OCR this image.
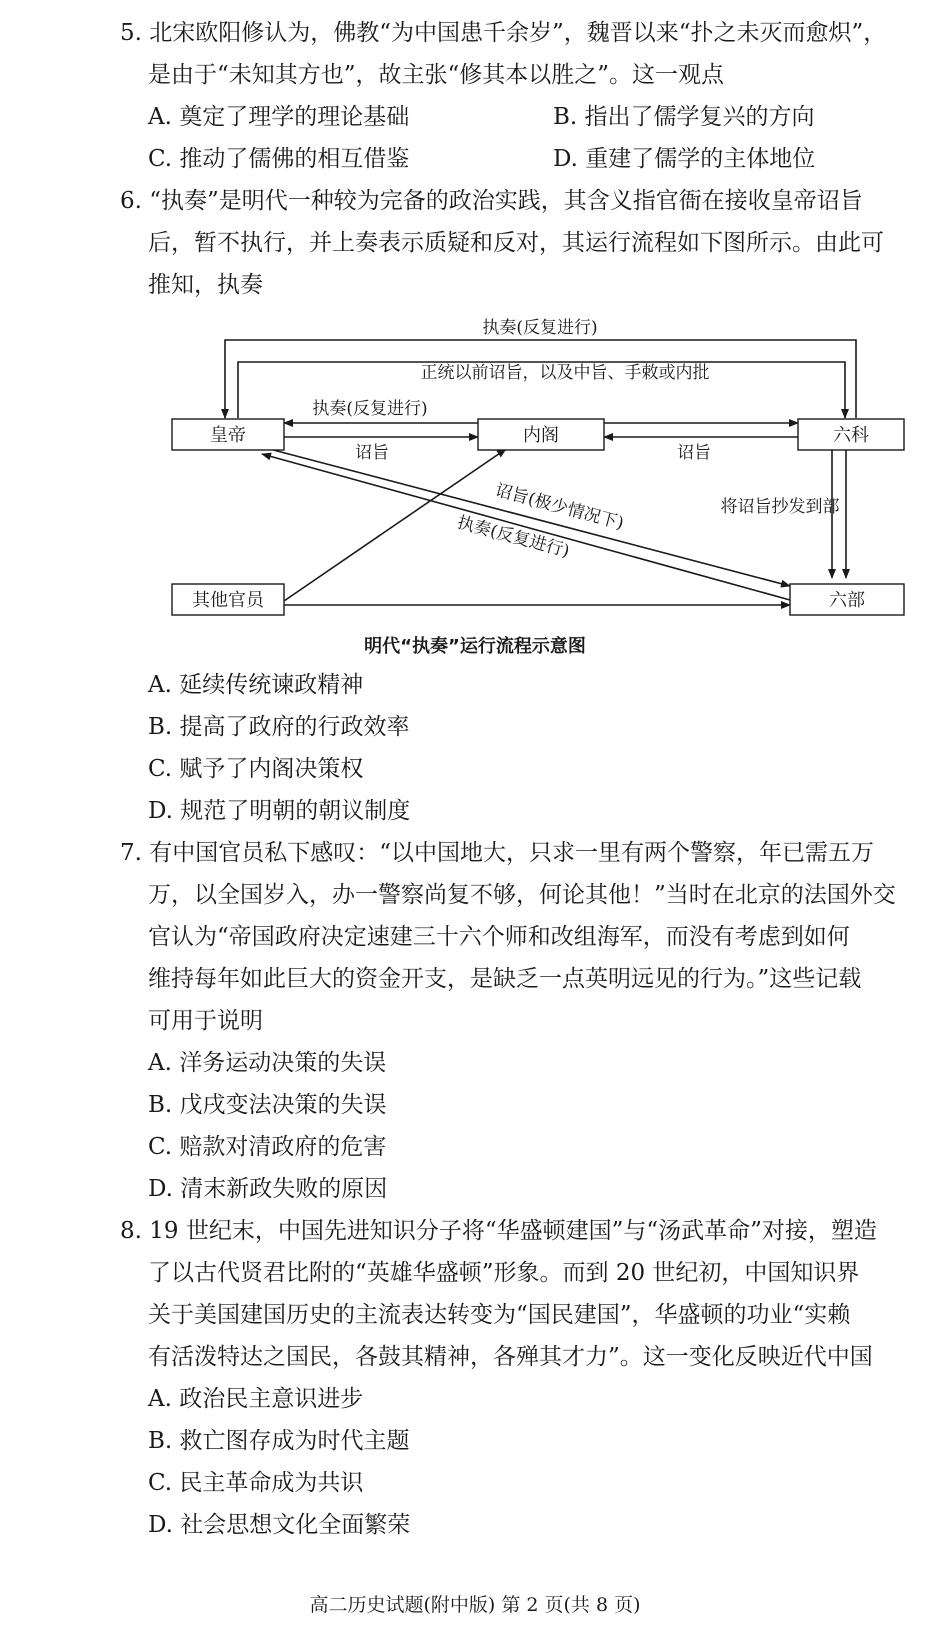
5. 北宋欧阳修认为，佛教“为中国患千余岁”，魏晋以来“扑之未灭而愈炽”，
是由于“未知其方也”，故主张“修其本以胜之”。这一观点
A. 奠定了理学的理论基础	B. 指出了儒学复兴的方向
C. 推动了儒佛的相互借鉴	D. 重建了儒学的主体地位
6. “执奏”是明代一种较为完备的政治实践，其含义指官衙在接收皇帝诏旨
后，暂不执行，并上奏表示质疑和反对，其运行流程如下图所示。由此可
推知，执奏
皇帝	内阁	六科
其他官员	六部
执奏(反复进行)
正统以前诏旨，以及中旨、手敕或内批
执奏(反复进行)
诏旨	诏旨
将诏旨抄发到部
诏旨(极少情况下)
执奏(反复进行)
明代“执奏”运行流程示意图
A. 延续传统谏政精神
B. 提高了政府的行政效率
C. 赋予了内阁决策权
D. 规范了明朝的朝议制度
7. 有中国官员私下感叹：“以中国地大，只求一里有两个警察，年已需五万
万，以全国岁入，办一警察尚复不够，何论其他！”当时在北京的法国外交
官认为“帝国政府决定速建三十六个师和改组海军，而没有考虑到如何
维持每年如此巨大的资金开支，是缺乏一点英明远见的行为。”这些记载
可用于说明
A. 洋务运动决策的失误
B. 戊戌变法决策的失误
C. 赔款对清政府的危害
D. 清末新政失败的原因
8. 19 世纪末，中国先进知识分子将“华盛顿建国”与“汤武革命”对接，塑造
了以古代贤君比附的“英雄华盛顿”形象。而到 20 世纪初，中国知识界
关于美国建国历史的主流表达转变为“国民建国”，华盛顿的功业“实赖
有活泼特达之国民，各鼓其精神，各殚其才力”。这一变化反映近代中国
A. 政治民主意识进步
B. 救亡图存成为时代主题
C. 民主革命成为共识
D. 社会思想文化全面繁荣
高二历史试题(附中版) 第 2 页(共 8 页)
